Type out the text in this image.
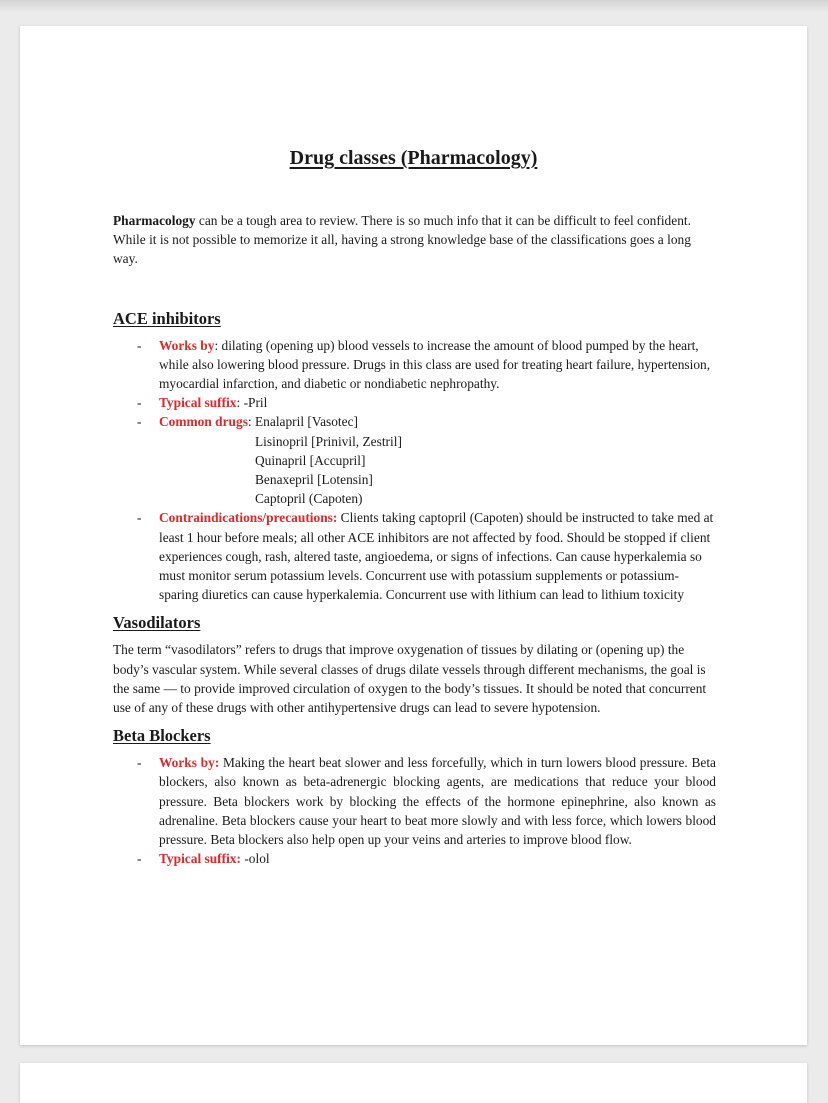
Drug classes (Pharmacology)

Pharmacology can be a tough area to review. There is so much info that it can be difficult to feel confident. While it is not possible to memorize it all, having a strong knowledge base of the classifications goes a long way.

ACE inhibitors
- Works by: dilating (opening up) blood vessels to increase the amount of blood pumped by the heart, while also lowering blood pressure. Drugs in this class are used for treating heart failure, hypertension, myocardial infarction, and diabetic or nondiabetic nephropathy.
- Typical suffix: -Pril
- Common drugs: Enalapril [Vasotec]
Lisinopril [Prinivil, Zestril]
Quinapril [Accupril]
Benaxepril [Lotensin]
Captopril (Capoten)
- Contraindications/precautions: Clients taking captopril (Capoten) should be instructed to take med at least 1 hour before meals; all other ACE inhibitors are not affected by food. Should be stopped if client experiences cough, rash, altered taste, angioedema, or signs of infections. Can cause hyperkalemia so must monitor serum potassium levels. Concurrent use with potassium supplements or potassium-sparing diuretics can cause hyperkalemia. Concurrent use with lithium can lead to lithium toxicity
Vasodilators

The term “vasodilators” refers to drugs that improve oxygenation of tissues by dilating or (opening up) the body’s vascular system. While several classes of drugs dilate vessels through different mechanisms, the goal is the same — to provide improved circulation of oxygen to the body’s tissues. It should be noted that concurrent use of any of these drugs with other antihypertensive drugs can lead to severe hypotension.

Beta Blockers
- Works by: Making the heart beat slower and less forcefully, which in turn lowers blood pressure. Beta blockers, also known as beta-adrenergic blocking agents, are medications that reduce your blood pressure. Beta blockers work by blocking the effects of the hormone epinephrine, also known as adrenaline. Beta blockers cause your heart to beat more slowly and with less force, which lowers blood pressure. Beta blockers also help open up your veins and arteries to improve blood flow.
- Typical suffix: -olol
